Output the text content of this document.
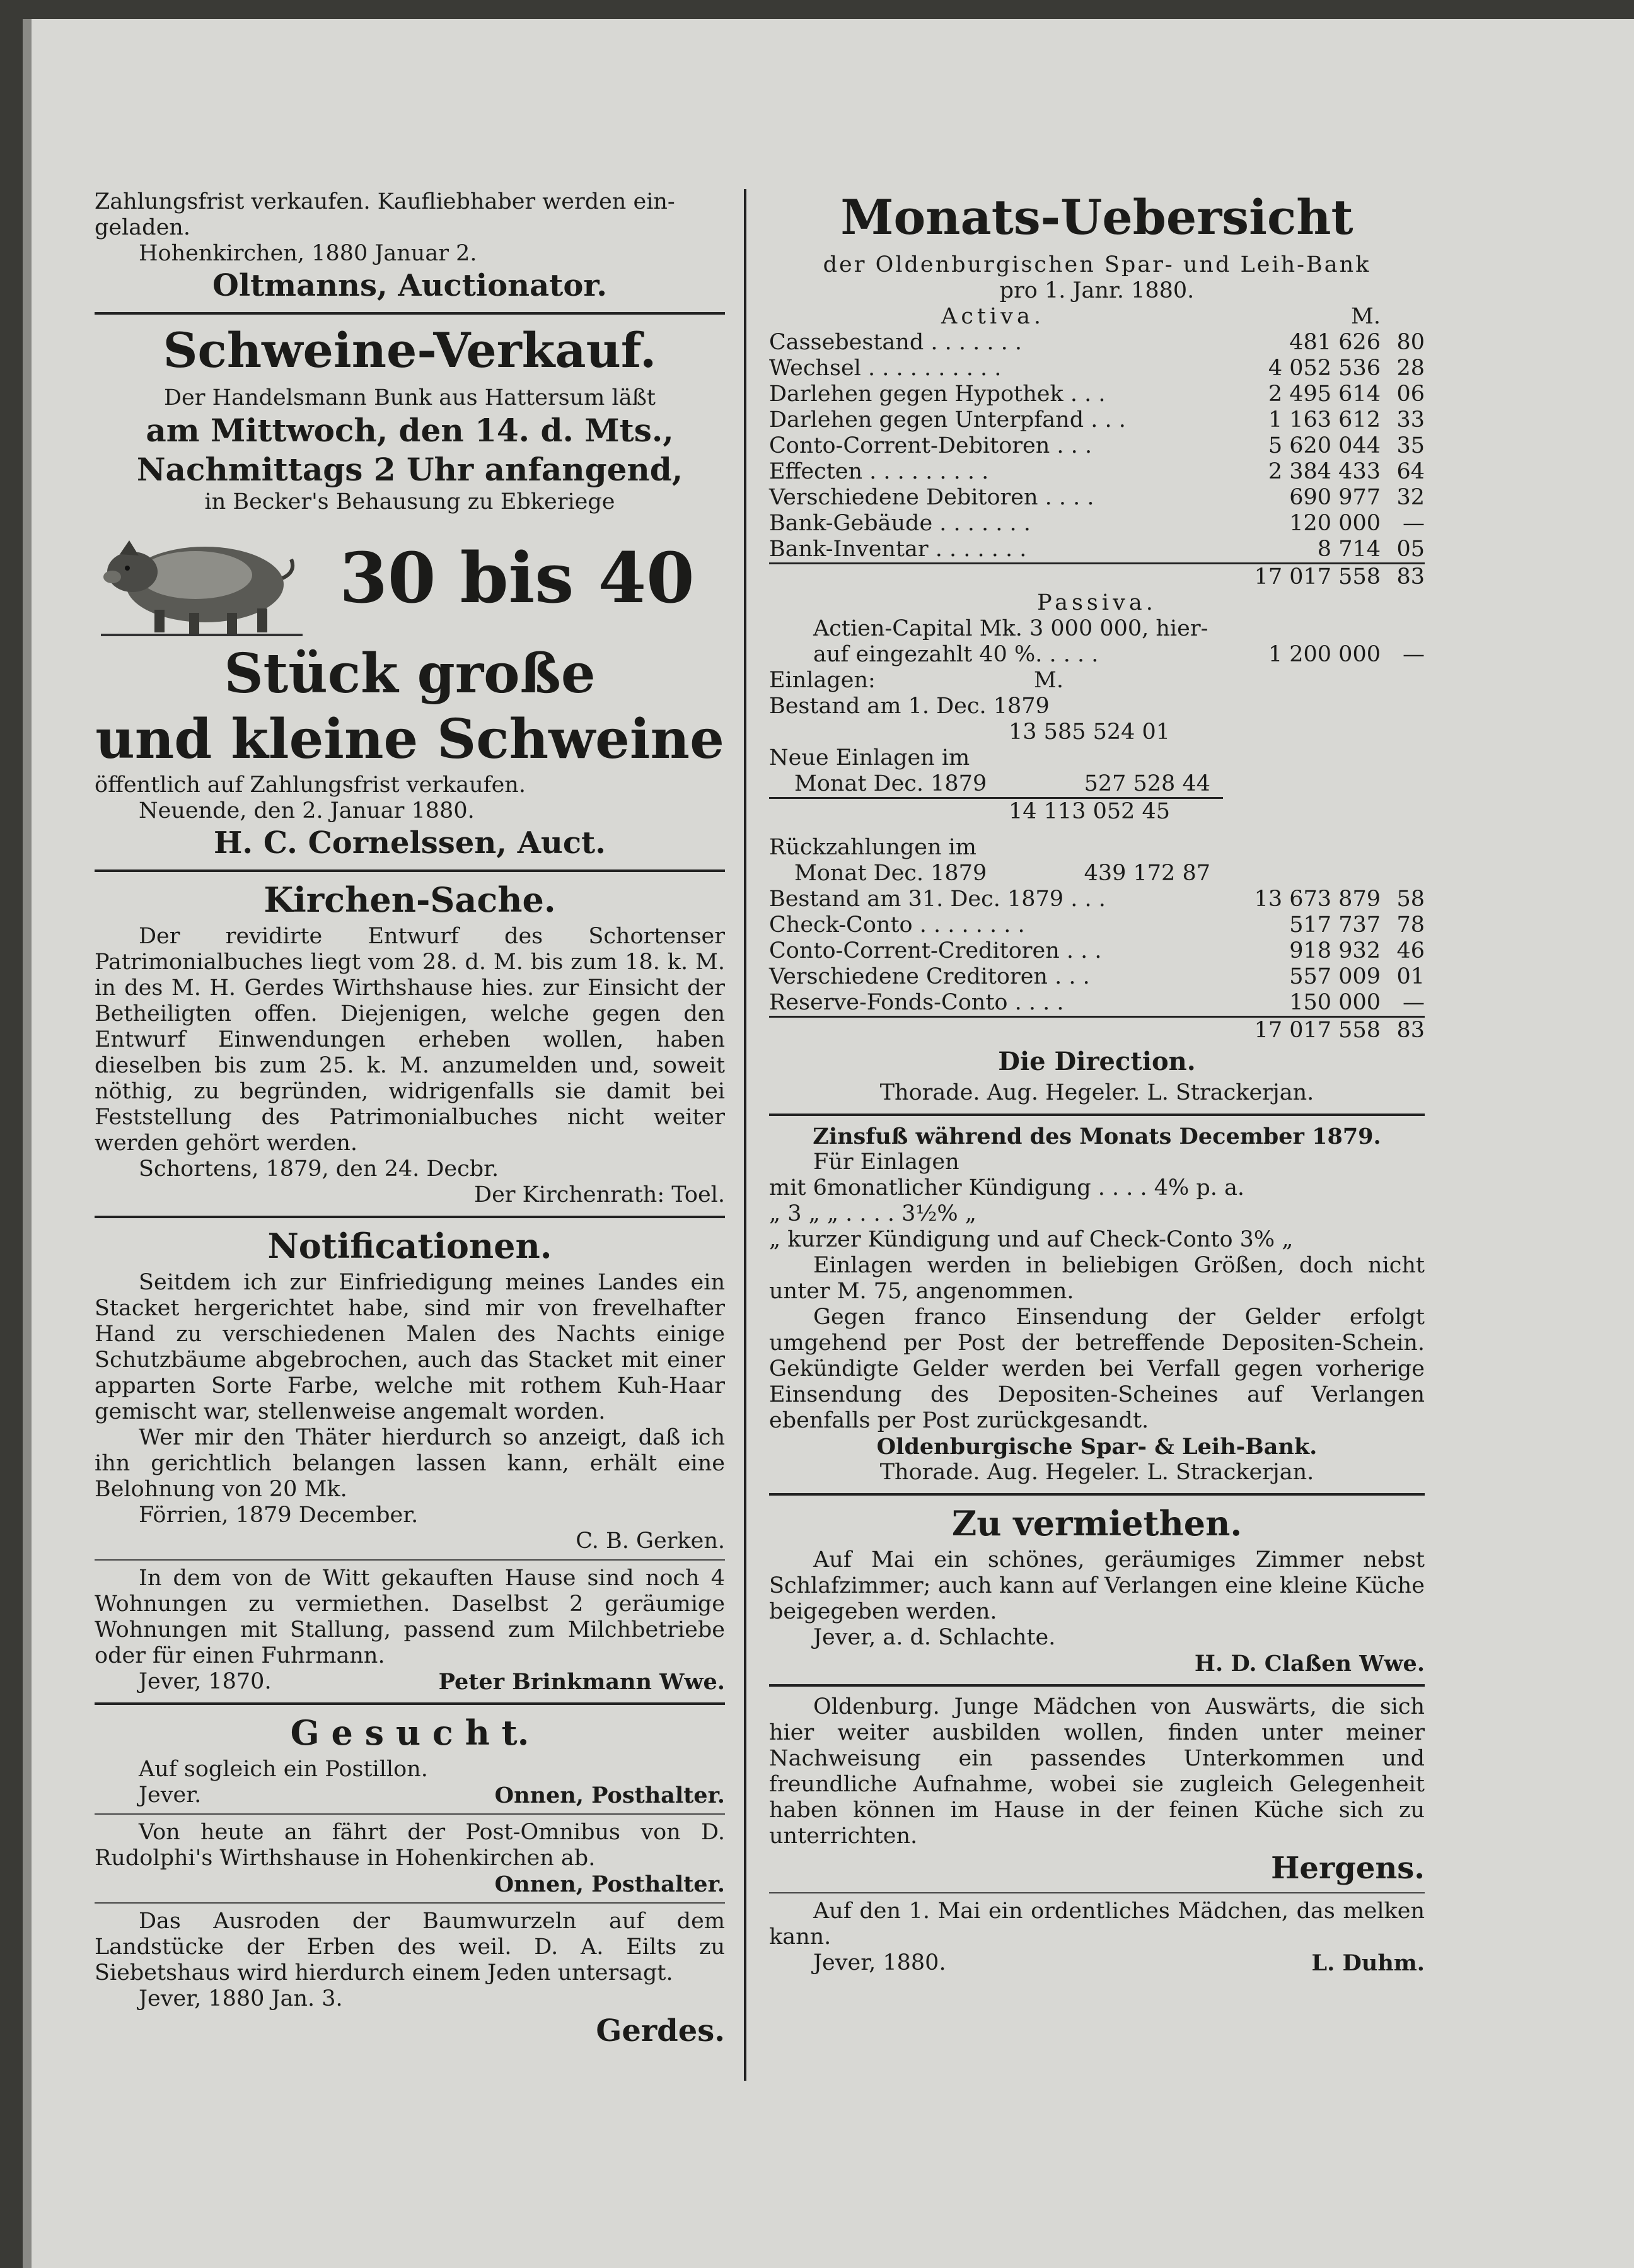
Zahlungsfrist verkaufen. Kaufliebhaber werden ein-

geladen.

Hohenkirchen, 1880 Januar 2.

Oltmanns, Auctionator.

Schweine-Verkauf.

Der Handelsmann Bunk aus Hattersum läßt

am Mittwoch, den 14. d. Mts.,

Nachmittags 2 Uhr anfangend,

in Becker's Behausung zu Ebkeriege

30 bis 40
Stück große
und kleine Schweine

öffentlich auf Zahlungsfrist verkaufen.

Neuende, den 2. Januar 1880.

H. C. Cornelssen, Auct.

Kirchen-Sache.

Der revidirte Entwurf des Schortenser Patrimonialbuches liegt vom 28. d. M. bis zum 18. k. M. in des M. H. Gerdes Wirthshause hies. zur Einsicht der Betheiligten offen. Diejenigen, welche gegen den Entwurf Einwendungen erheben wollen, haben dieselben bis zum 25. k. M. anzumelden und, soweit nöthig, zu begründen, widrigenfalls sie damit bei Feststellung des Patrimonialbuches nicht weiter werden gehört werden.

Schortens, 1879, den 24. Decbr.

Der Kirchenrath: Toel.

Notificationen.

Seitdem ich zur Einfriedigung meines Landes ein Stacket hergerichtet habe, sind mir von frevelhafter Hand zu verschiedenen Malen des Nachts einige Schutzbäume abgebrochen, auch das Stacket mit einer apparten Sorte Farbe, welche mit rothem Kuh-Haar gemischt war, stellenweise angemalt worden.

Wer mir den Thäter hierdurch so anzeigt, daß ich ihn gerichtlich belangen lassen kann, erhält eine Belohnung von 20 Mk.

Förrien, 1879 December.

C. B. Gerken.

In dem von de Witt gekauften Hause sind noch 4 Wohnungen zu vermiethen. Daselbst 2 geräumige Wohnungen mit Stallung, passend zum Milchbetriebe oder für einen Fuhrmann.

Jever, 1870.	Peter Brinkmann Wwe.
G e s u c h t.

Auf sogleich ein Postillon.

Jever.	Onnen, Posthalter.

Von heute an fährt der Post-Omnibus von D. Rudolphi's Wirthshause in Hohenkirchen ab.

Onnen, Posthalter.

Das Ausroden der Baumwurzeln auf dem Landstücke der Erben des weil. D. A. Eilts zu Siebetshaus wird hierdurch einem Jeden untersagt.

Jever, 1880 Jan. 3.

Gerdes.

Monats-Uebersicht

der Oldenburgischen Spar- und Leih-Bank

pro 1. Janr. 1880.

Activa.	M.
Cassebestand . . . . . . .	481 626 80
Wechsel . . . . . . . . . .	4 052 536 28
Darlehen gegen Hypothek . . .	2 495 614 06
Darlehen gegen Unterpfand . . .	1 163 612 33
Conto-Corrent-Debitoren . . .	5 620 044 35
Effecten . . . . . . . . .	2 384 433 64
Verschiedene Debitoren . . . .	690 977 32
Bank-Gebäude . . . . . . .	120 000	—
Bank-Inventar . . . . . . .	8 714 05
17 017 558 83

Passiva.

Actien-Capital Mk. 3 000 000, hier-

auf eingezahlt 40 %. . . . .	1 200 000	—
Einlagen:	M.

Bestand am 1. Dec. 1879

13 585 524 01

Neue Einlagen im

Monat Dec. 1879	527 528 44

14 113 052 45

Rückzahlungen im

Monat Dec. 1879	439 172 87
Bestand am 31. Dec. 1879 . . .	13 673 879 58
Check-Conto . . . . . . . .	517 737 78
Conto-Corrent-Creditoren . . .	918 932 46
Verschiedene Creditoren . . .	557 009 01
Reserve-Fonds-Conto . . . .	150 000	—
17 017 558 83
Die Direction.

Thorade. Aug. Hegeler. L. Strackerjan.

Zinsfuß während des Monats December 1879.

Für Einlagen

mit 6monatlicher Kündigung . . . . 4% p. a.

„ 3 „ „ . . . . 3½% „

„ kurzer Kündigung und auf Check-Conto 3% „

Einlagen werden in beliebigen Größen, doch nicht unter M. 75, angenommen.

Gegen franco Einsendung der Gelder erfolgt umgehend per Post der betreffende Depositen-Schein. Gekündigte Gelder werden bei Verfall gegen vorherige Einsendung des Depositen-Scheines auf Verlangen ebenfalls per Post zurückgesandt.

Oldenburgische Spar- & Leih-Bank.

Thorade. Aug. Hegeler. L. Strackerjan.

Zu vermiethen.

Auf Mai ein schönes, geräumiges Zimmer nebst Schlafzimmer; auch kann auf Verlangen eine kleine Küche beigegeben werden.

Jever, a. d. Schlachte.

H. D. Claßen Wwe.

Oldenburg. Junge Mädchen von Auswärts, die sich hier weiter ausbilden wollen, finden unter meiner Nachweisung ein passendes Unterkommen und freundliche Aufnahme, wobei sie zugleich Gelegenheit haben können im Hause in der feinen Küche sich zu unterrichten.

Hergens.

Auf den 1. Mai ein ordentliches Mädchen, das melken kann.

Jever, 1880.	L. Duhm.
